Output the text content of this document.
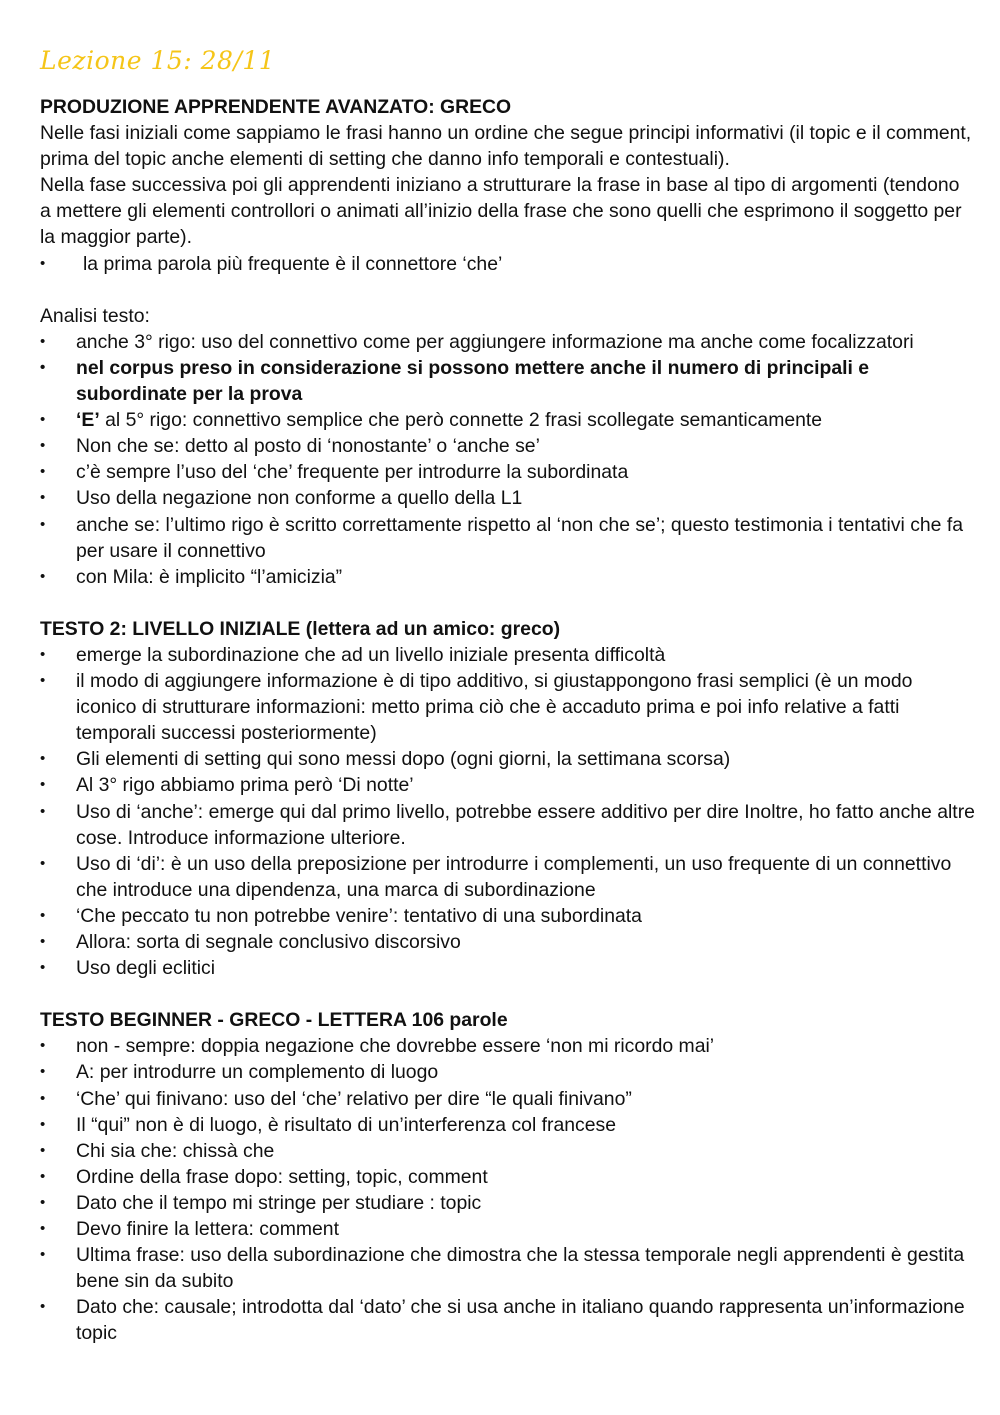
Lezione 15: 28/11

PRODUZIONE APPRENDENTE AVANZATO: GRECO

Nelle fasi iniziali come sappiamo le frasi hanno un ordine che segue principi informativi (il topic e il comment, prima del topic anche elementi di setting che danno info temporali e contestuali).

Nella fase successiva poi gli apprendenti iniziano a strutturare la frase in base al tipo di argomenti (tendono a mettere gli elementi controllori o animati all’inizio della frase che sono quelli che esprimono il soggetto per la maggior parte).

• la prima parola più frequente è il connettore ‘che’

Analisi testo:

• anche 3° rigo: uso del connettivo come per aggiungere informazione ma anche come focalizzatori
• nel corpus preso in considerazione si possono mettere anche il numero di principali e subordinate per la prova
• ‘E’ al 5° rigo: connettivo semplice che però connette 2 frasi scollegate semanticamente
• Non che se: detto al posto di ‘nonostante’ o ‘anche se’
• c’è sempre l’uso del ‘che’ frequente per introdurre la subordinata
• Uso della negazione non conforme a quello della L1
• anche se: l’ultimo rigo è scritto correttamente rispetto al ‘non che se’; questo testimonia i tentativi che fa per usare il connettivo
• con Mila: è implicito “l’amicizia”

TESTO 2: LIVELLO INIZIALE (lettera ad un amico: greco)

• emerge la subordinazione che ad un livello iniziale presenta difficoltà
• il modo di aggiungere informazione è di tipo additivo, si giustappongono frasi semplici (è un modo iconico di strutturare informazioni: metto prima ciò che è accaduto prima e poi info relative a fatti temporali successi posteriormente)
• Gli elementi di setting qui sono messi dopo (ogni giorni, la settimana scorsa)
• Al 3° rigo abbiamo prima però ‘Di notte’
• Uso di ‘anche’: emerge qui dal primo livello, potrebbe essere additivo per dire Inoltre, ho fatto anche altre cose. Introduce informazione ulteriore.
• Uso di ‘di’: è un uso della preposizione per introdurre i complementi, un uso frequente di un connettivo che introduce una dipendenza, una marca di subordinazione
• ‘Che peccato tu non potrebbe venire’: tentativo di una subordinata
• Allora: sorta di segnale conclusivo discorsivo
• Uso degli eclitici

TESTO BEGINNER - GRECO - LETTERA 106 parole

• non - sempre: doppia negazione che dovrebbe essere ‘non mi ricordo mai’
• A: per introdurre un complemento di luogo
• ‘Che’ qui finivano: uso del ‘che’ relativo per dire “le quali finivano”
• Il “qui” non è di luogo, è risultato di un’interferenza col francese
• Chi sia che: chissà che
• Ordine della frase dopo: setting, topic, comment
• Dato che il tempo mi stringe per studiare : topic
• Devo finire la lettera: comment
• Ultima frase: uso della subordinazione che dimostra che la stessa temporale negli apprendenti è gestita bene sin da subito
• Dato che: causale; introdotta dal ‘dato’ che si usa anche in italiano quando rappresenta un’informazione topic
